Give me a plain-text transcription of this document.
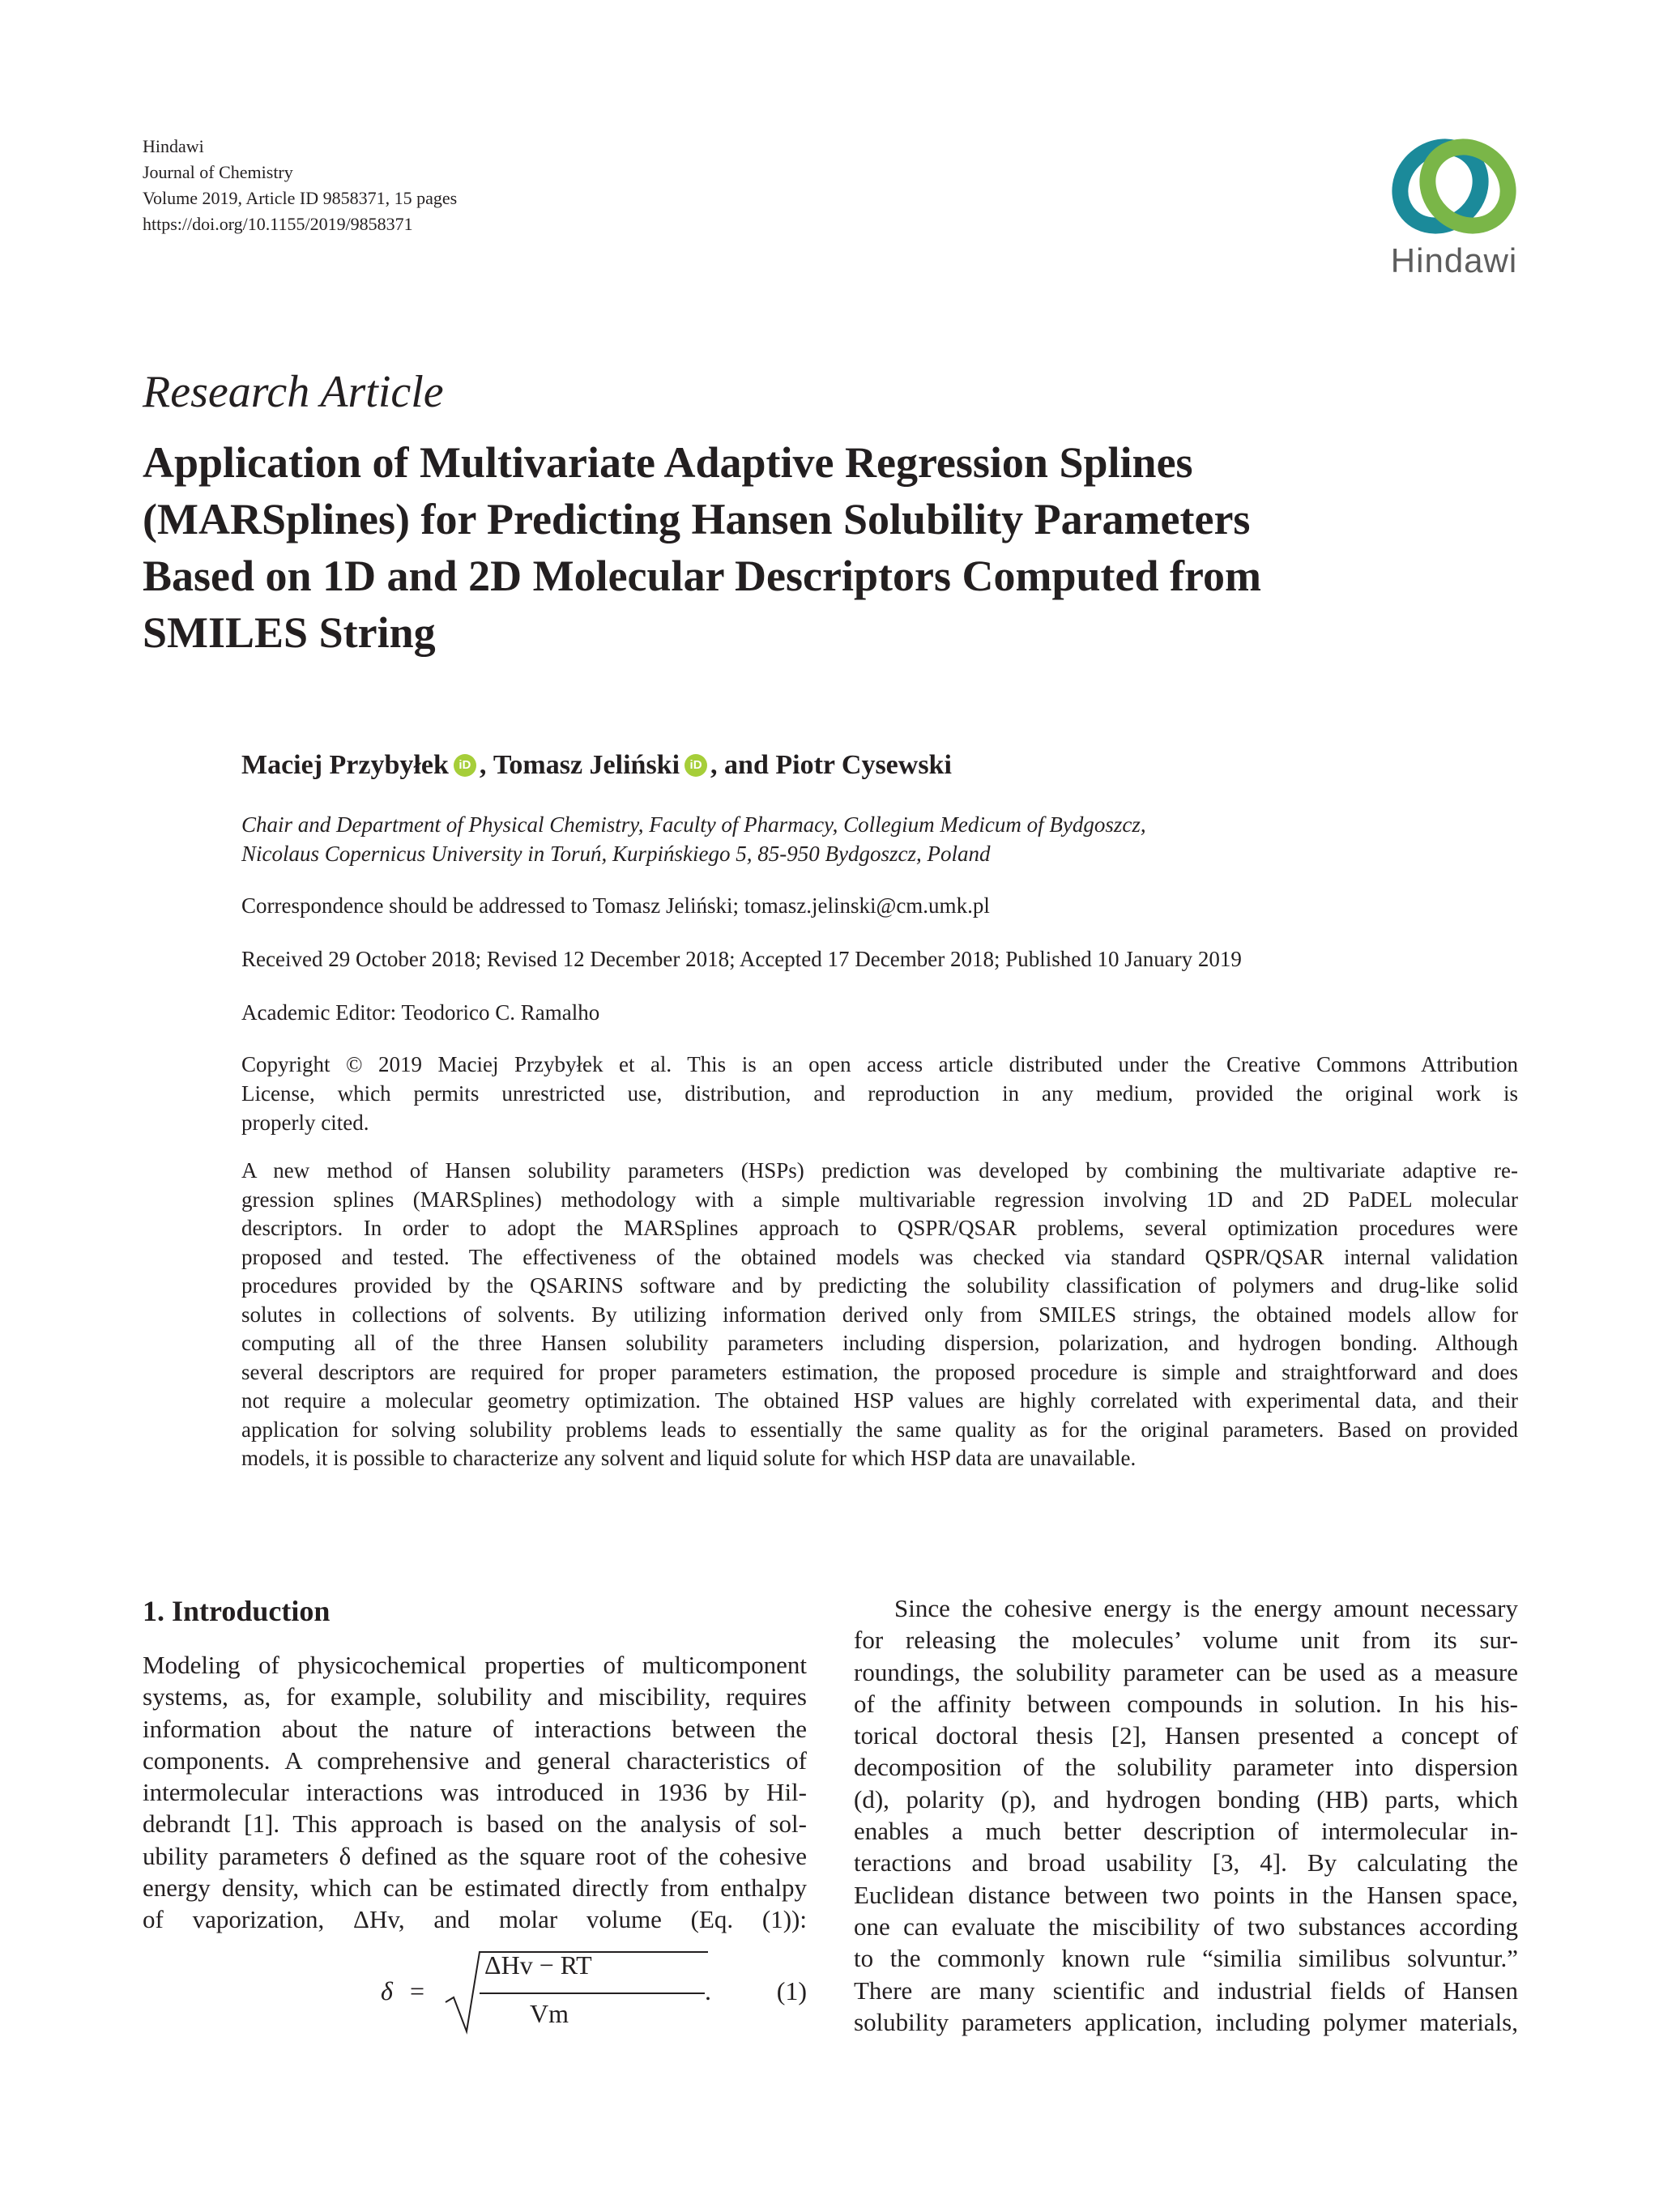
Hindawi
Journal of Chemistry
Volume 2019, Article ID 9858371, 15 pages
https://doi.org/10.1155/2019/9858371
Hindawi
Research Article
Application of Multivariate Adaptive Regression Splines
(MARSplines) for Predicting Hansen Solubility Parameters
Based on 1D and 2D Molecular Descriptors Computed from
SMILES String
Maciej Przybyłek iD , Tomasz Jeliński iD , and Piotr Cysewski
Chair and Department of Physical Chemistry, Faculty of Pharmacy, Collegium Medicum of Bydgoszcz,
Nicolaus Copernicus University in Toruń, Kurpińskiego 5, 85-950 Bydgoszcz, Poland
Correspondence should be addressed to Tomasz Jeliński; tomasz.jelinski@cm.umk.pl
Received 29 October 2018; Revised 12 December 2018; Accepted 17 December 2018; Published 10 January 2019
Academic Editor: Teodorico C. Ramalho
Copyright © 2019 Maciej Przybyłek et al. This is an open access article distributed under the Creative Commons Attribution
License, which permits unrestricted use, distribution, and reproduction in any medium, provided the original work is
properly cited.
A new method of Hansen solubility parameters (HSPs) prediction was developed by combining the multivariate adaptive re-
gression splines (MARSplines) methodology with a simple multivariable regression involving 1D and 2D PaDEL molecular
descriptors. In order to adopt the MARSplines approach to QSPR/QSAR problems, several optimization procedures were
proposed and tested. The effectiveness of the obtained models was checked via standard QSPR/QSAR internal validation
procedures provided by the QSARINS software and by predicting the solubility classification of polymers and drug-like solid
solutes in collections of solvents. By utilizing information derived only from SMILES strings, the obtained models allow for
computing all of the three Hansen solubility parameters including dispersion, polarization, and hydrogen bonding. Although
several descriptors are required for proper parameters estimation, the proposed procedure is simple and straightforward and does
not require a molecular geometry optimization. The obtained HSP values are highly correlated with experimental data, and their
application for solving solubility problems leads to essentially the same quality as for the original parameters. Based on provided
models, it is possible to characterize any solvent and liquid solute for which HSP data are unavailable.
1. Introduction
Modeling of physicochemical properties of multicomponent
systems, as, for example, solubility and miscibility, requires
information about the nature of interactions between the
components. A comprehensive and general characteristics of
intermolecular interactions was introduced in 1936 by Hil-
debrandt [1]. This approach is based on the analysis of sol-
ubility parameters δ defined as the square root of the cohesive
energy density, which can be estimated directly from enthalpy
of vaporization, ΔHv, and molar volume (Eq. (1)):
δ =
ΔHv − RT
Vm
.	(1)
Since the cohesive energy is the energy amount necessary
for releasing the molecules’ volume unit from its sur-
roundings, the solubility parameter can be used as a measure
of the affinity between compounds in solution. In his his-
torical doctoral thesis [2], Hansen presented a concept of
decomposition of the solubility parameter into dispersion
(d), polarity (p), and hydrogen bonding (HB) parts, which
enables a much better description of intermolecular in-
teractions and broad usability [3, 4]. By calculating the
Euclidean distance between two points in the Hansen space,
one can evaluate the miscibility of two substances according
to the commonly known rule “similia similibus solvuntur.”
There are many scientific and industrial fields of Hansen
solubility parameters application, including polymer materials,
